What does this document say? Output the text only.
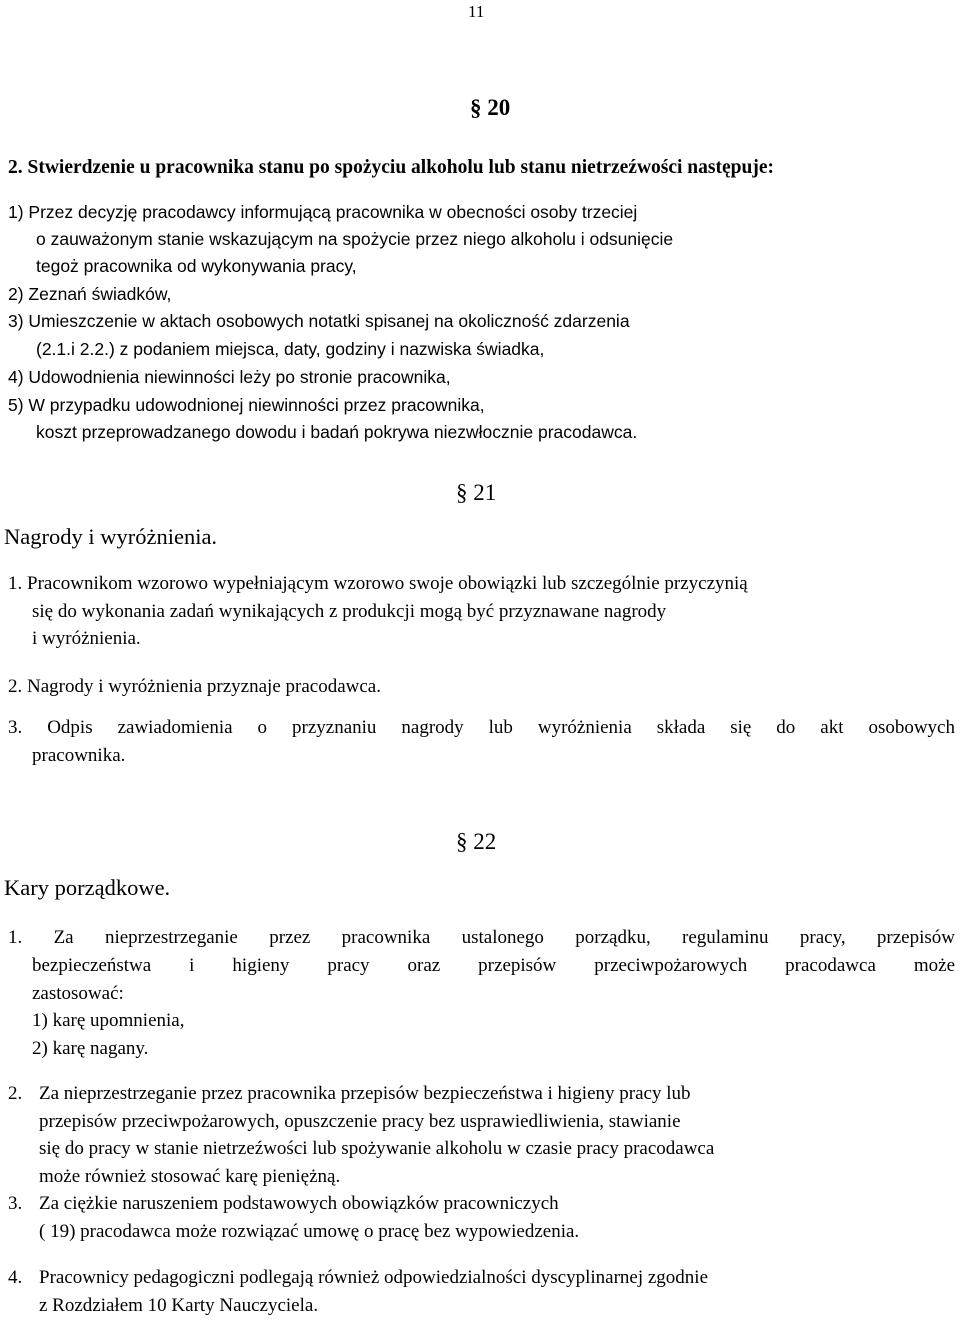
11
§ 20
2. Stwierdzenie u pracownika stanu po spożyciu alkoholu lub stanu nietrzeźwości następuje:
1) Przez decyzję pracodawcy informującą pracownika w obecności osoby trzeciej
o zauważonym stanie wskazującym na spożycie przez niego alkoholu i odsunięcie
tegoż pracownika od wykonywania pracy,
2) Zeznań świadków,
3) Umieszczenie w aktach osobowych notatki spisanej na okoliczność zdarzenia
(2.1.i 2.2.) z podaniem miejsca, daty, godziny i nazwiska świadka,
4) Udowodnienia niewinności leży po stronie pracownika,
5) W przypadku udowodnionej niewinności przez pracownika,
koszt przeprowadzanego dowodu i badań pokrywa niezwłocznie pracodawca.
§ 21
Nagrody i wyróżnienia.
1. Pracownikom wzorowo wypełniającym wzorowo swoje obowiązki lub szczególnie przyczynią
się do wykonania zadań wynikających z produkcji mogą być przyznawane nagrody
i wyróżnienia.
2. Nagrody i wyróżnienia przyznaje pracodawca.
3. Odpis zawiadomienia o przyznaniu nagrody lub wyróżnienia składa się do akt osobowych
pracownika.
§ 22
Kary porządkowe.
1. Za nieprzestrzeganie przez pracownika ustalonego porządku, regulaminu pracy, przepisów
bezpieczeństwa i higieny pracy oraz przepisów przeciwpożarowych pracodawca może
zastosować:
1) karę upomnienia,
2) karę nagany.
2. Za nieprzestrzeganie przez pracownika przepisów bezpieczeństwa i higieny pracy lub
przepisów przeciwpożarowych, opuszczenie pracy bez usprawiedliwienia, stawianie
się do pracy w stanie nietrzeźwości lub spożywanie alkoholu w czasie pracy pracodawca
może również stosować karę pieniężną.
3. Za ciężkie naruszeniem podstawowych obowiązków pracowniczych
( 19) pracodawca może rozwiązać umowę o pracę bez wypowiedzenia.
4. Pracownicy pedagogiczni podlegają również odpowiedzialności dyscyplinarnej zgodnie
z Rozdziałem 10 Karty Nauczyciela.
